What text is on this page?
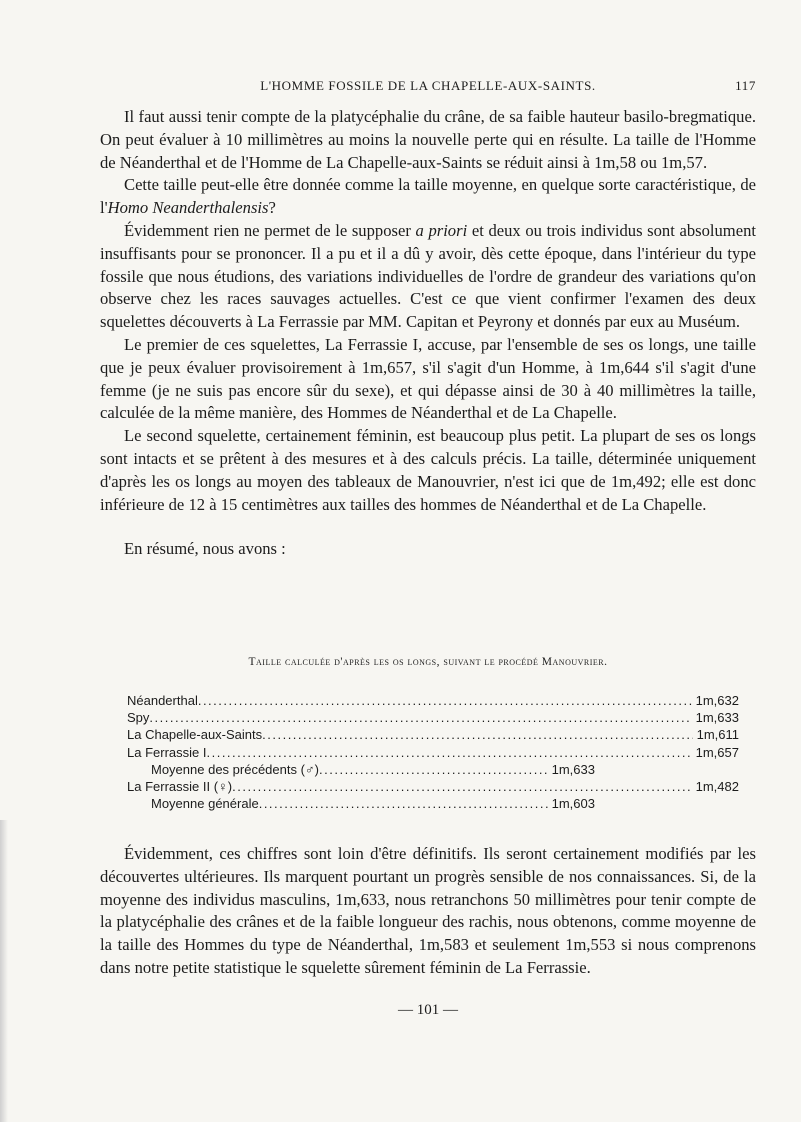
L'HOMME FOSSILE DE LA CHAPELLE-AUX-SAINTS.	117

Il faut aussi tenir compte de la platycéphalie du crâne, de sa faible hauteur basilo-bregmatique. On peut évaluer à 10 millimètres au moins la nouvelle perte qui en résulte. La taille de l'Homme de Néanderthal et de l'Homme de La Chapelle-aux-Saints se réduit ainsi à 1m,58 ou 1m,57.

Cette taille peut-elle être donnée comme la taille moyenne, en quelque sorte caractéristique, de l'Homo Neanderthalensis?

Évidemment rien ne permet de le supposer a priori et deux ou trois individus sont absolument insuffisants pour se prononcer. Il a pu et il a dû y avoir, dès cette époque, dans l'intérieur du type fossile que nous étudions, des variations individuelles de l'ordre de grandeur des variations qu'on observe chez les races sauvages actuelles. C'est ce que vient confirmer l'examen des deux squelettes découverts à La Ferrassie par MM. Capitan et Peyrony et donnés par eux au Muséum.

Le premier de ces squelettes, La Ferrassie I, accuse, par l'ensemble de ses os longs, une taille que je peux évaluer provisoirement à 1m,657, s'il s'agit d'un Homme, à 1m,644 s'il s'agit d'une femme (je ne suis pas encore sûr du sexe), et qui dépasse ainsi de 30 à 40 millimètres la taille, calculée de la même manière, des Hommes de Néanderthal et de La Chapelle.

Le second squelette, certainement féminin, est beaucoup plus petit. La plupart de ses os longs sont intacts et se prêtent à des mesures et à des calculs précis. La taille, déterminée uniquement d'après les os longs au moyen des tableaux de Manouvrier, n'est ici que de 1m,492; elle est donc inférieure de 12 à 15 centimètres aux tailles des hommes de Néanderthal et de La Chapelle.

En résumé, nous avons :

Taille calculée d'après les os longs, suivant le procédé Manouvrier.
Néanderthal .....	1m,632
Spy .....	1m,633
La Chapelle-aux-Saints .....	1m,611
La Ferrassie I .....	1m,657
Moyenne des précédents (♂) .....	1m,633
La Ferrassie II (♀) .....	1m,482
Moyenne générale .....	1m,603

Évidemment, ces chiffres sont loin d'être définitifs. Ils seront certainement modifiés par les découvertes ultérieures. Ils marquent pourtant un progrès sensible de nos connaissances. Si, de la moyenne des individus masculins, 1m,633, nous retranchons 50 millimètres pour tenir compte de la platycéphalie des crânes et de la faible longueur des rachis, nous obtenons, comme moyenne de la taille des Hommes du type de Néanderthal, 1m,583 et seulement 1m,553 si nous comprenons dans notre petite statistique le squelette sûrement féminin de La Ferrassie.

— 101 —
